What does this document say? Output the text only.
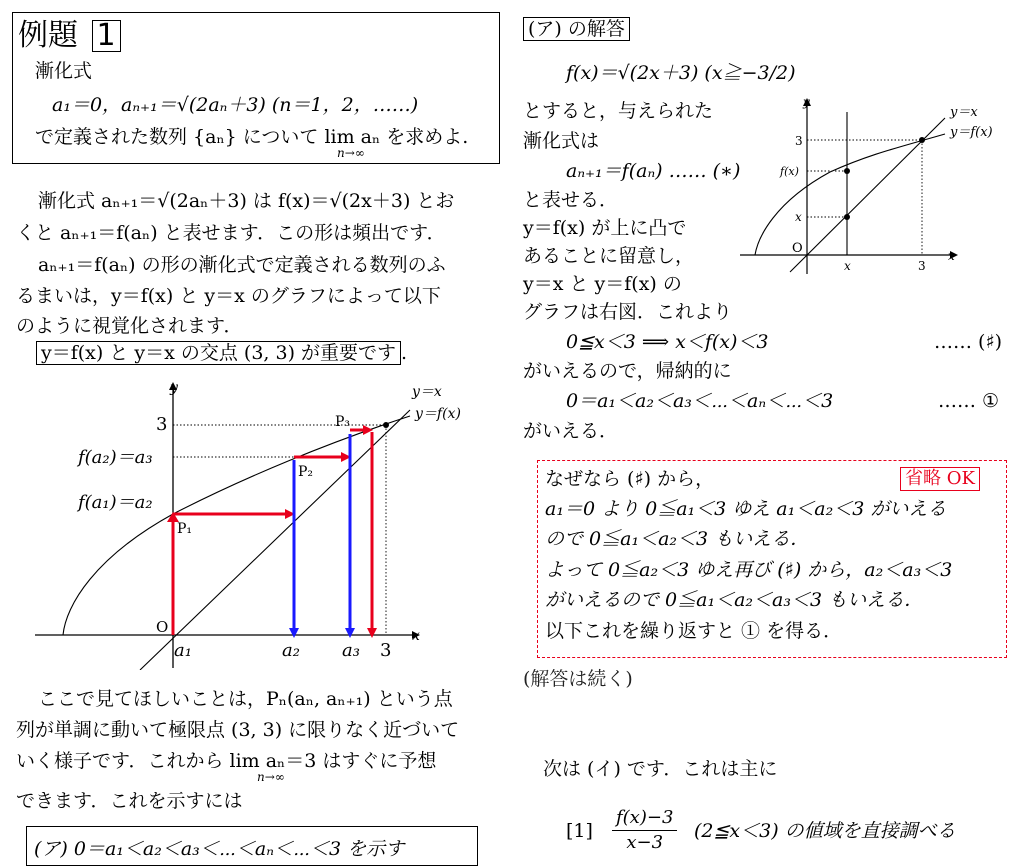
例題 1
漸化式
a₁＝0，aₙ₊₁＝√(2aₙ＋3) (n＝1，2，……)
で定義された数列 {aₙ} について lim aₙ を求めよ.
n→∞
漸化式 aₙ₊₁＝√(2aₙ＋3) は f(x)＝√(2x＋3) とお
くと aₙ₊₁＝f(aₙ) と表せます．この形は頻出です．
aₙ₊₁＝f(aₙ) の形の漸化式で定義される数列のふ
るまいは，y＝f(x) と y＝x のグラフによって以下
のように視覚化されます．
y＝f(x) と y＝x の交点 (3, 3) が重要です .
y
x
O
y＝x
y＝f(x)
3
f(a₂)＝a₃
f(a₁)＝a₂
P₁
P₂
P₃
a₁	a₂ a₃ 3
ここで見てほしいことは，Pₙ(aₙ, aₙ₊₁) という点
列が単調に動いて極限点 (3, 3) に限りなく近づいて
いく様子です．これから lim aₙ＝3 はすぐに予想
n→∞
できます．これを示すには
(ア) 0＝a₁＜a₂＜a₃＜⋯＜aₙ＜⋯＜3 を示す
(ア) の解答
f(x)＝√(2x＋3) (x≧−3/2)
とすると，与えられた
漸化式は
aₙ₊₁＝f(aₙ) …… (∗)
と表せる．
y＝f(x) が上に凸で
あることに留意し，
y＝x と y＝f(x) の
グラフは右図．これより
0≦x＜3 ⟹ x＜f(x)＜3	…… (♯)
がいえるので，帰納的に
0＝a₁＜a₂＜a₃＜⋯＜aₙ＜⋯＜3	…… ①
がいえる．
y
x
O
y＝x
y＝f(x)
3
f(x)
x
x	3
省略 OK
なぜなら (♯) から，
a₁＝0 より 0≦a₁＜3 ゆえ a₁＜a₂＜3 がいえる
ので 0≦a₁＜a₂＜3 もいえる．
よって 0≦a₂＜3 ゆえ再び (♯) から，a₂＜a₃＜3
がいえるので 0≦a₁＜a₂＜a₃＜3 もいえる．
以下これを繰り返すと ① を得る．
(解答は続く)
次は (イ) です．これは主に
$[1] \frac{f(x)-3}{x-3}$ (2≦x＜3) の値域を直接調べる
